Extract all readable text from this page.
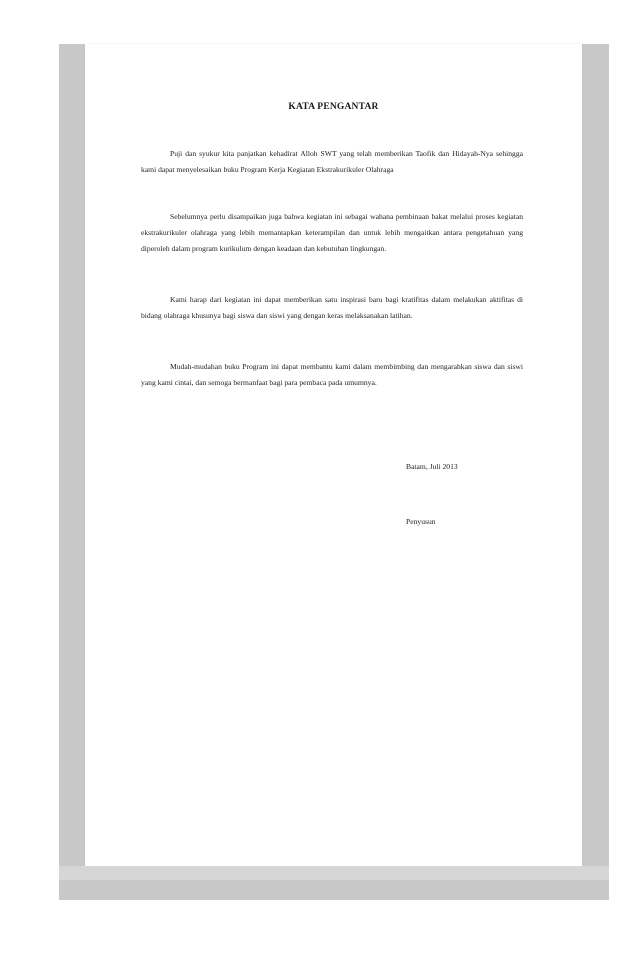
KATA PENGANTAR
Puji dan syukur kita panjatkan kehadirat Alloh SWT yang telah memberikan Taofik dan Hidayah-Nya sehingga kami dapat menyelesaikan buku Program Kerja Kegiatan Ekstrakurikuler Olahraga
Sebelumnya perlu disampaikan juga bahwa kegiatan ini sebagai wahana pembinaan bakat melalui proses kegiatan ekstrakurikuler olahraga yang lebih memantapkan keterampilan dan untuk lebih mengaitkan antara pengetahuan yang diperoleh dalam program kurikulum dengan keadaan dan kebutuhan lingkungan.
Kami harap dari kegiatan ini dapat memberikan satu inspirasi baru bagi kratifitas dalam melakukan aktifitas di bidang olahraga khusunya bagi siswa dan siswi yang dengan keras melaksanakan latihan.
Mudah-mudahan buku Program ini dapat membantu kami dalam membimbing dan mengarahkan siswa dan siswi yang kami cintai, dan semoga bermanfaat bagi para pembaca pada umumnya.
Batam, Juli 2013
Penyusun
